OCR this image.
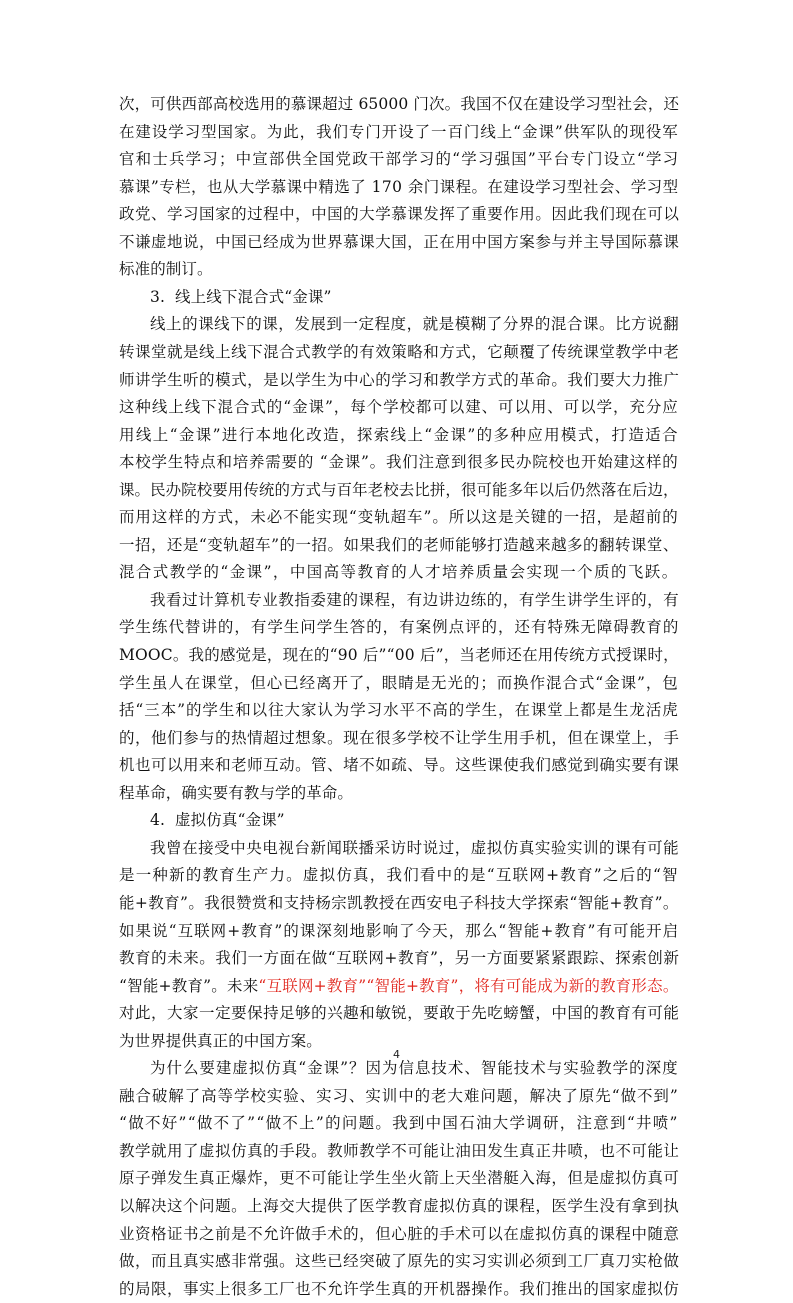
次，可供西部高校选用的慕课超过 65000 门次。我国不仅在建设学习型社会，还
在建设学习型国家。为此，我们专门开设了一百门线上“金课”供军队的现役军
官和士兵学习；中宣部供全国党政干部学习的“学习强国”平台专门设立“学习
慕课”专栏，也从大学慕课中精选了 170 余门课程。在建设学习型社会、学习型
政党、学习国家的过程中，中国的大学慕课发挥了重要作用。因此我们现在可以
不谦虚地说，中国已经成为世界慕课大国，正在用中国方案参与并主导国际慕课
标准的制订。
3.  线上线下混合式“金课”
线上的课线下的课，发展到一定程度，就是模糊了分界的混合课。比方说翻
转课堂就是线上线下混合式教学的有效策略和方式，它颠覆了传统课堂教学中老
师讲学生听的模式，是以学生为中心的学习和教学方式的革命。我们要大力推广
这种线上线下混合式的“金课”，每个学校都可以建、可以用、可以学，充分应
用线上“金课”进行本地化改造，探索线上“金课”的多种应用模式，打造适合
本校学生特点和培养需要的 “金课”。我们注意到很多民办院校也开始建这样的
课。民办院校要用传统的方式与百年老校去比拼，很可能多年以后仍然落在后边，
而用这样的方式，未必不能实现“变轨超车”。所以这是关键的一招，是超前的
一招，还是“变轨超车”的一招。如果我们的老师能够打造越来越多的翻转课堂、
混合式教学的“金课”，中国高等教育的人才培养质量会实现一个质的飞跃。
我看过计算机专业教指委建的课程，有边讲边练的，有学生讲学生评的，有
学生练代替讲的，有学生问学生答的，有案例点评的，还有特殊无障碍教育的
MOOC。我的感觉是，现在的“90 后”“00 后”，当老师还在用传统方式授课时，
学生虽人在课堂，但心已经离开了，眼睛是无光的；而换作混合式“金课”，包
括“三本”的学生和以往大家认为学习水平不高的学生，在课堂上都是生龙活虎
的，他们参与的热情超过想象。现在很多学校不让学生用手机，但在课堂上，手
机也可以用来和老师互动。管、堵不如疏、导。这些课使我们感觉到确实要有课
程革命，确实要有教与学的革命。
4.  虚拟仿真“金课”
我曾在接受中央电视台新闻联播采访时说过，虚拟仿真实验实训的课有可能
是一种新的教育生产力。虚拟仿真，我们看中的是“互联网+教育”之后的“智
能+教育”。我很赞赏和支持杨宗凯教授在西安电子科技大学探索“智能+教育”。
如果说“互联网+教育”的课深刻地影响了今天，那么“智能+教育”有可能开启
教育的未来。我们一方面在做“互联网+教育”，另一方面要紧紧跟踪、探索创新
“智能+教育”。未来“互联网+教育”“智能+教育”，将有可能成为新的教育形态。
对此，大家一定要保持足够的兴趣和敏锐，要敢于先吃螃蟹，中国的教育有可能
为世界提供真正的中国方案。
为什么要建虚拟仿真“金课”？因为信息技术、智能技术与实验教学的深度
融合破解了高等学校实验、实习、实训中的老大难问题，解决了原先“做不到”
“做不好”“做不了”“做不上”的问题。我到中国石油大学调研，注意到“井喷”
教学就用了虚拟仿真的手段。教师教学不可能让油田发生真正井喷，也不可能让
原子弹发生真正爆炸，更不可能让学生坐火箭上天坐潜艇入海，但是虚拟仿真可
以解决这个问题。上海交大提供了医学教育虚拟仿真的课程，医学生没有拿到执
业资格证书之前是不允许做手术的，但心脏的手术可以在虚拟仿真的课程中随意
做，而且真实感非常强。这些已经突破了原先的实习实训必须到工厂真刀实枪做
的局限，事实上很多工厂也不允许学生真的开机器操作。我们推出的国家虚拟仿
4
